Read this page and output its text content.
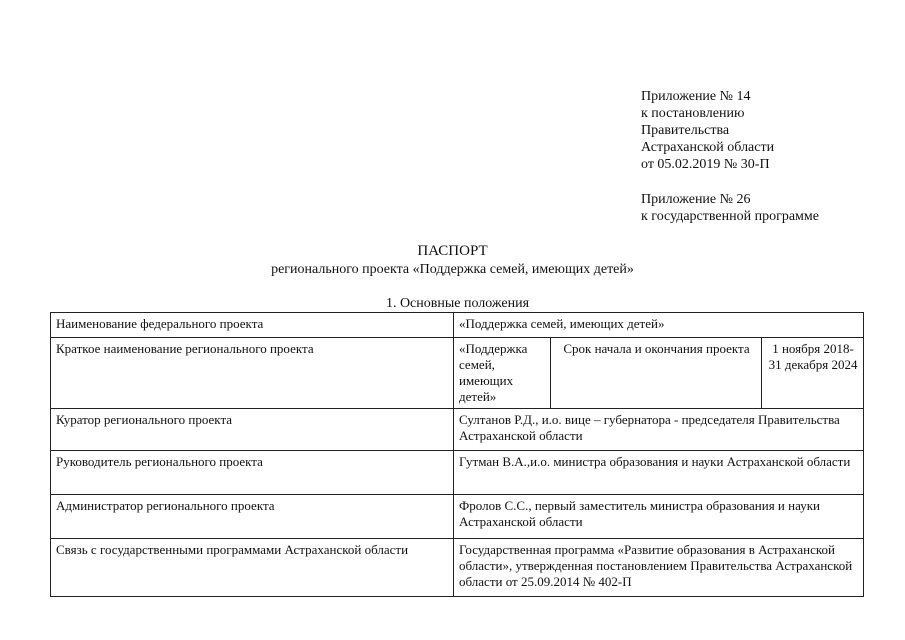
Приложение № 14
к постановлению
Правительства
Астраханской области
от 05.02.2019 № 30-П
Приложение № 26
к государственной программе
ПАСПОРТ
регионального проекта «Поддержка семей, имеющих детей»
1. Основные положения
Наименование федерального проекта	«Поддержка семей, имеющих детей»		
Краткое наименование регионального проекта	«Поддержка семей, имеющих детей»	Срок начала и окончания проекта	1 ноября 2018-31 декабря 2024
Куратор регионального проекта	Султанов Р.Д., и.о. вице – губернатора - председателя Правительства Астраханской области		
Руководитель регионального проекта	Гутман В.А.,и.о. министра образования и науки Астраханской области		
Администратор регионального проекта	Фролов С.С., первый заместитель министра образования и науки Астраханской области		
Связь с государственными программами Астраханской области	Государственная программа «Развитие образования в Астраханской области», утвержденная постановлением Правительства Астраханской области от 25.09.2014 № 402-П		
